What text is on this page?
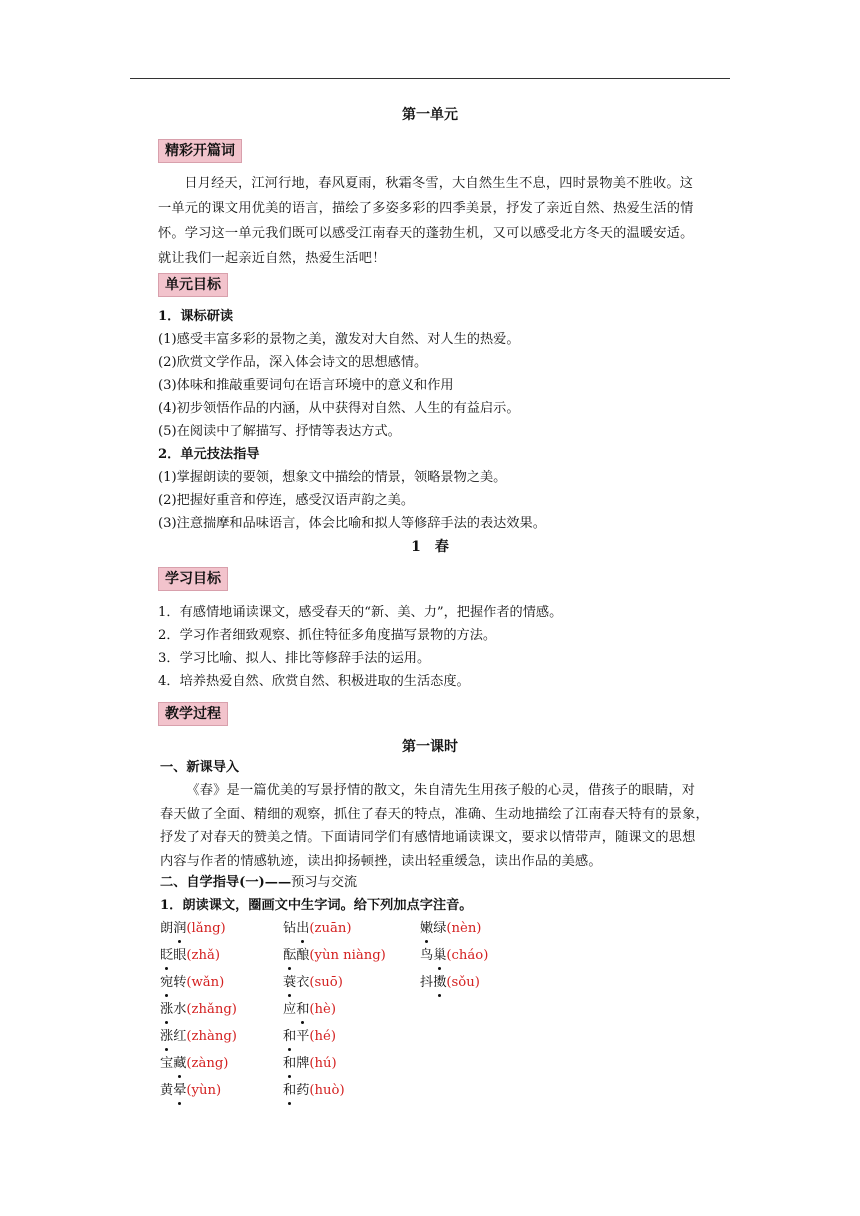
第一单元
精彩开篇词

日月经天，江河行地，春风夏雨，秋霜冬雪，大自然生生不息，四时景物美不胜收。这

一单元的课文用优美的语言，描绘了多姿多彩的四季美景，抒发了亲近自然、热爱生活的情

怀。学习这一单元我们既可以感受江南春天的蓬勃生机，又可以感受北方冬天的温暖安适。

就让我们一起亲近自然，热爱生活吧！

单元目标
1．课标研读
(1)感受丰富多彩的景物之美，激发对大自然、对人生的热爱。
(2)欣赏文学作品，深入体会诗文的思想感情。
(3)体味和推敲重要词句在语言环境中的意义和作用
(4)初步领悟作品的内涵，从中获得对自然、人生的有益启示。
(5)在阅读中了解描写、抒情等表达方式。
2．单元技法指导
(1)掌握朗读的要领，想象文中描绘的情景，领略景物之美。
(2)把握好重音和停连，感受汉语声韵之美。
(3)注意揣摩和品味语言，体会比喻和拟人等修辞手法的表达效果。
1　春
学习目标
1．有感情地诵读课文，感受春天的“新、美、力”，把握作者的情感。
2．学习作者细致观察、抓住特征多角度描写景物的方法。
3．学习比喻、拟人、排比等修辞手法的运用。
4．培养热爱自然、欣赏自然、积极进取的生活态度。
教学过程
第一课时
一、新课导入

《春》是一篇优美的写景抒情的散文，朱自清先生用孩子般的心灵，借孩子的眼睛，对

春天做了全面、精细的观察，抓住了春天的特点，准确、生动地描绘了江南春天特有的景象，

抒发了对春天的赞美之情。下面请同学们有感情地诵读课文，要求以情带声，随课文的思想

内容与作者的情感轨迹，读出抑扬顿挫，读出轻重缓急，读出作品的美感。

二、自学指导(一)——预习与交流
1．朗读课文，圈画文中生字词。给下列加点字注音。
朗润(lǎng)	钻出(zuān)	嫩绿(nèn)
眨眼(zhǎ)	酝酿(yùn niàng)	鸟巢(cháo)
宛转(wǎn)	蓑衣(suō)	抖擞(sǒu)
涨水(zhǎng)	应和(hè)
涨红(zhàng)	和平(hé)
宝藏(zàng)	和牌(hú)
黄晕(yùn)	和药(huò)
